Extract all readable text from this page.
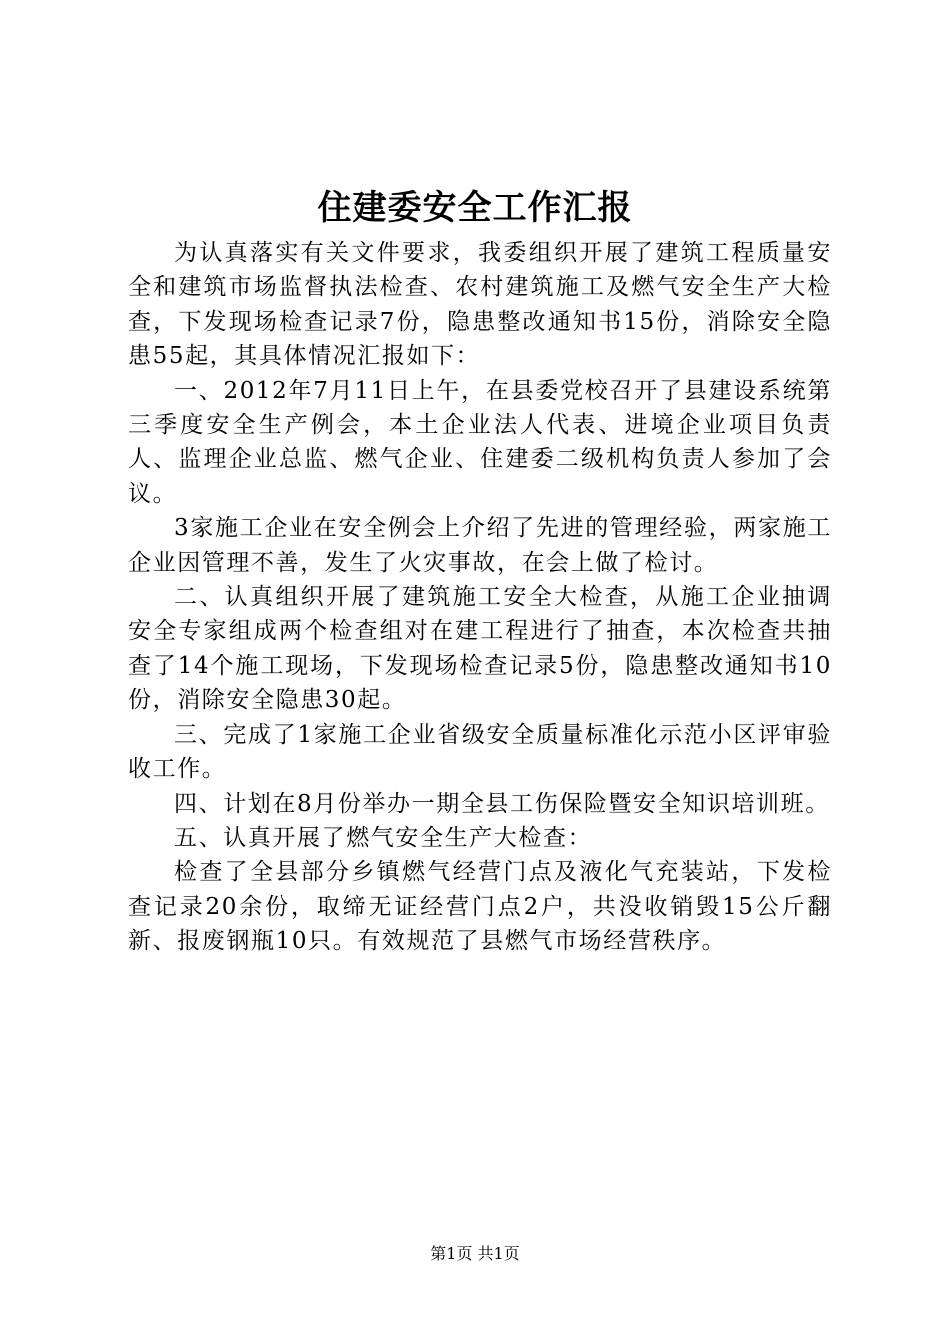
住建委安全工作汇报

为认真落实有关文件要求，我委组织开展了建筑工程质量安全和建筑市场监督执法检查、农村建筑施工及燃气安全生产大检查，下发现场检查记录7份，隐患整改通知书15份，消除安全隐患55起，其具体情况汇报如下：

一、2012年7月11日上午，在县委党校召开了县建设系统第三季度安全生产例会，本土企业法人代表、进境企业项目负责人、监理企业总监、燃气企业、住建委二级机构负责人参加了会议。

3家施工企业在安全例会上介绍了先进的管理经验，两家施工企业因管理不善，发生了火灾事故，在会上做了检讨。

二、认真组织开展了建筑施工安全大检查，从施工企业抽调安全专家组成两个检查组对在建工程进行了抽查，本次检查共抽查了14个施工现场，下发现场检查记录5份，隐患整改通知书10份，消除安全隐患30起。

三、完成了1家施工企业省级安全质量标准化示范小区评审验收工作。

四、计划在8月份举办一期全县工伤保险暨安全知识培训班。

五、认真开展了燃气安全生产大检查：

检查了全县部分乡镇燃气经营门点及液化气充装站，下发检查记录20余份，取缔无证经营门点2户，共没收销毁15公斤翻新、报废钢瓶10只。有效规范了县燃气市场经营秩序。

第1页 共1页
